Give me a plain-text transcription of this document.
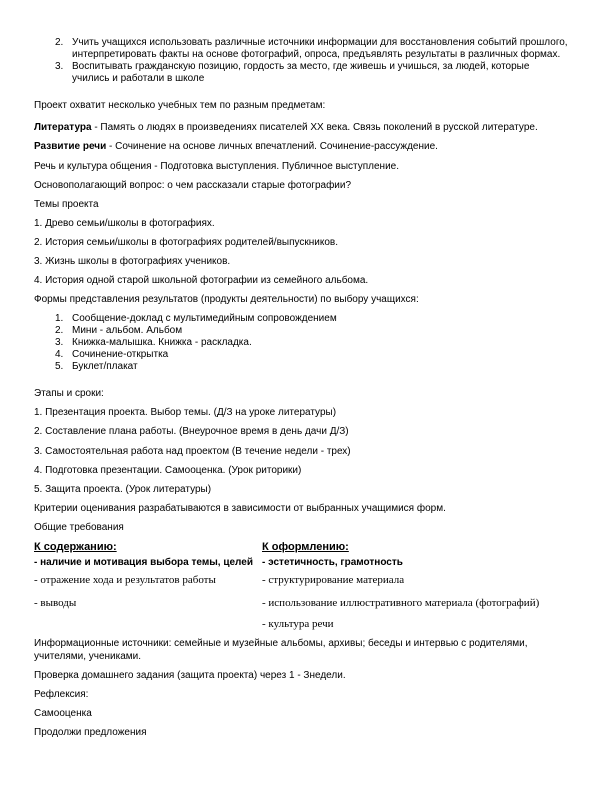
2. Учить учащихся использовать различные источники информации для восстановления событий прошлого,
интерпретировать факты на основе фотографий, опроса, предъявлять результаты в различных формах.
3. Воспитывать гражданскую позицию, гордость за место, где живешь и учишься, за людей, которые
учились и работали в школе
Проект охватит несколько учебных тем по разным предметам:
Литература - Память о людях в произведениях писателей XX века. Связь поколений в русской литературе.
Развитие речи - Сочинение на основе личных впечатлений. Сочинение-рассуждение.
Речь и культура общения - Подготовка выступления. Публичное выступление.
Основополагающий вопрос: о чем рассказали старые фотографии?
Темы проекта
1. Древо семьи/школы в фотографиях.
2. История семьи/школы в фотографиях родителей/выпускников.
3. Жизнь школы в фотографиях учеников.
4. История одной старой школьной фотографии из семейного альбома.
Формы представления результатов (продукты деятельности) по выбору учащихся:
1. Сообщение-доклад с мультимедийным сопровождением
2. Мини - альбом. Альбом
3. Книжка-малышка. Книжка - раскладка.
4. Сочинение-открытка
5. Буклет/плакат
Этапы и сроки:
1. Презентация проекта. Выбор темы. (Д/З на уроке литературы)
2. Составление плана работы. (Внеурочное время в день дачи Д/З)
3. Самостоятельная работа над проектом (В течение недели - трех)
4. Подготовка презентации. Самооценка. (Урок риторики)
5. Защита проекта. (Урок литературы)
Критерии оценивания разрабатываются в зависимости от выбранных учащимися форм.
Общие требования
К содержанию:
- наличие и мотивация выбора темы, целей
- отражение хода и результатов работы
- выводы
К оформлению:
- эстетичность, грамотность
- структурирование материала
- использование иллюстративного материала (фотографий)
- культура речи
Информационные источники: семейные и музейные альбомы, архивы; беседы и интервью с родителями,
учителями, учениками.
Проверка домашнего задания (защита проекта) через 1 - Знедели.
Рефлексия:
Самооценка
Продолжи предложения
